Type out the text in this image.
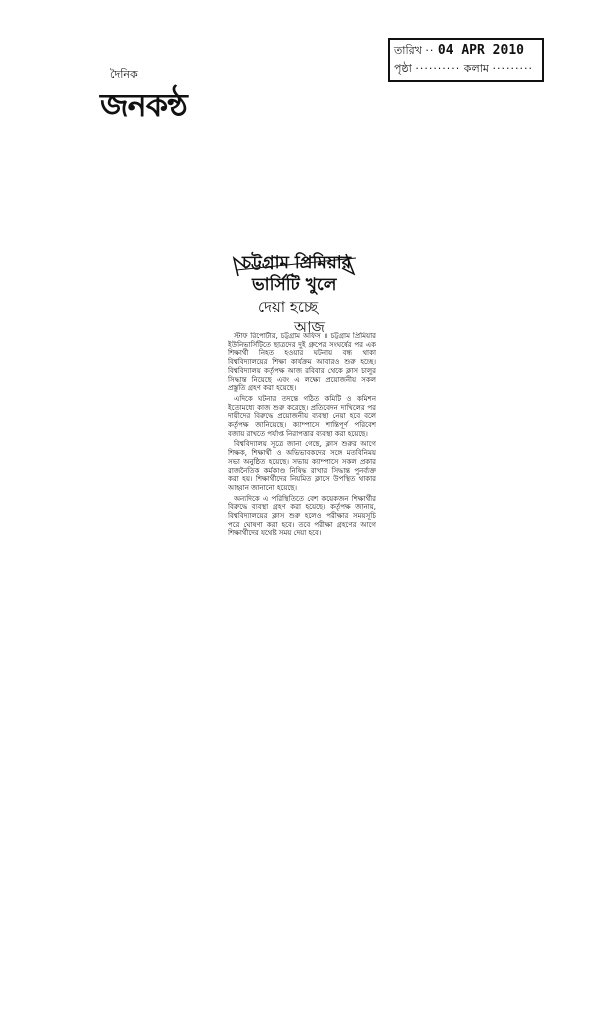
দৈনিক
জনকন্ঠ
তারিখ ·· 04 APR 2010
পৃষ্ঠা ·········· কলাম ·········
চট্টগ্রাম প্রিমিয়ার
ভার্সিটি খুলে
দেয়া হচ্ছে
আজ

স্টাফ রিপোর্টার, চট্টগ্রাম অফিস ॥ চট্টগ্রাম প্রিমিয়ার ইউনিভার্সিটিতে ছাত্রদের দুই গ্রুপের সংঘর্ষের পর এক শিক্ষার্থী নিহত হওয়ার ঘটনায় বন্ধ থাকা বিশ্ববিদ্যালয়ের শিক্ষা কার্যক্রম আবারও শুরু হচ্ছে। বিশ্ববিদ্যালয় কর্তৃপক্ষ আজ রবিবার থেকে ক্লাস চালুর সিদ্ধান্ত নিয়েছে এবং এ লক্ষ্যে প্রয়োজনীয় সকল প্রস্তুতি গ্রহণ করা হয়েছে।

এদিকে ঘটনার তদন্তে গঠিত কমিটি ও কমিশন ইতোমধ্যে কাজ শুরু করেছে। প্রতিবেদন দাখিলের পর দায়ীদের বিরুদ্ধে প্রয়োজনীয় ব্যবস্থা নেয়া হবে বলে কর্তৃপক্ষ জানিয়েছে। ক্যাম্পাসে শান্তিপূর্ণ পরিবেশ বজায় রাখতে পর্যাপ্ত নিরাপত্তার ব্যবস্থা করা হয়েছে।

বিশ্ববিদ্যালয় সূত্রে জানা গেছে, ক্লাস শুরুর আগে শিক্ষক, শিক্ষার্থী ও অভিভাবকদের সঙ্গে মতবিনিময় সভা অনুষ্ঠিত হয়েছে। সভায় ক্যাম্পাসে সকল প্রকার রাজনৈতিক কর্মকাণ্ড নিষিদ্ধ রাখার সিদ্ধান্ত পুনর্ব্যক্ত করা হয়। শিক্ষার্থীদের নিয়মিত ক্লাসে উপস্থিত থাকার আহ্বান জানানো হয়েছে।

অন্যদিকে এ পরিস্থিতিতে বেশ কয়েকজন শিক্ষার্থীর বিরুদ্ধে ব্যবস্থা গ্রহণ করা হয়েছে। কর্তৃপক্ষ জানায়, বিশ্ববিদ্যালয়ের ক্লাস শুরু হলেও পরীক্ষার সময়সূচি পরে ঘোষণা করা হবে। তবে পরীক্ষা গ্রহণের আগে শিক্ষার্থীদের যথেষ্ট সময় দেয়া হবে।
